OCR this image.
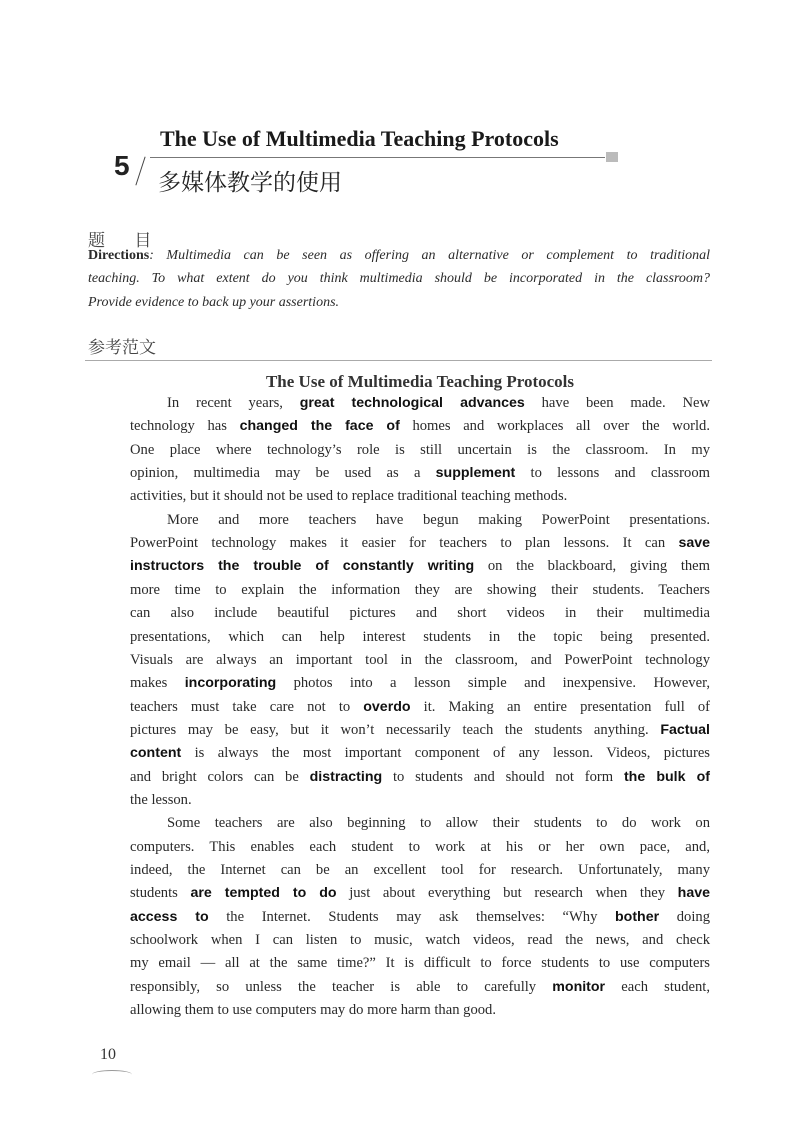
The Use of Multimedia Teaching Protocols
5
多媒体教学的使用
题 目
Directions: Multimedia can be seen as offering an alternative or complement to traditional
teaching. To what extent do you think multimedia should be incorporated in the classroom?
Provide evidence to back up your assertions.
参考范文
The Use of Multimedia Teaching Protocols
In recent years, great technological advances have been made. New
technology has changed the face of homes and workplaces all over the world.
One place where technology’s role is still uncertain is the classroom. In my
opinion, multimedia may be used as a supplement to lessons and classroom
activities, but it should not be used to replace traditional teaching methods.
More and more teachers have begun making PowerPoint presentations.
PowerPoint technology makes it easier for teachers to plan lessons. It can save
instructors the trouble of constantly writing on the blackboard, giving them
more time to explain the information they are showing their students. Teachers
can also include beautiful pictures and short videos in their multimedia
presentations, which can help interest students in the topic being presented.
Visuals are always an important tool in the classroom, and PowerPoint technology
makes incorporating photos into a lesson simple and inexpensive. However,
teachers must take care not to overdo it. Making an entire presentation full of
pictures may be easy, but it won’t necessarily teach the students anything. Factual
content is always the most important component of any lesson. Videos, pictures
and bright colors can be distracting to students and should not form the bulk of
the lesson.
Some teachers are also beginning to allow their students to do work on
computers. This enables each student to work at his or her own pace, and,
indeed, the Internet can be an excellent tool for research. Unfortunately, many
students are tempted to do just about everything but research when they have
access to the Internet. Students may ask themselves: “Why bother doing
schoolwork when I can listen to music, watch videos, read the news, and check
my email — all at the same time?” It is difficult to force students to use computers
responsibly, so unless the teacher is able to carefully monitor each student,
allowing them to use computers may do more harm than good.
10
